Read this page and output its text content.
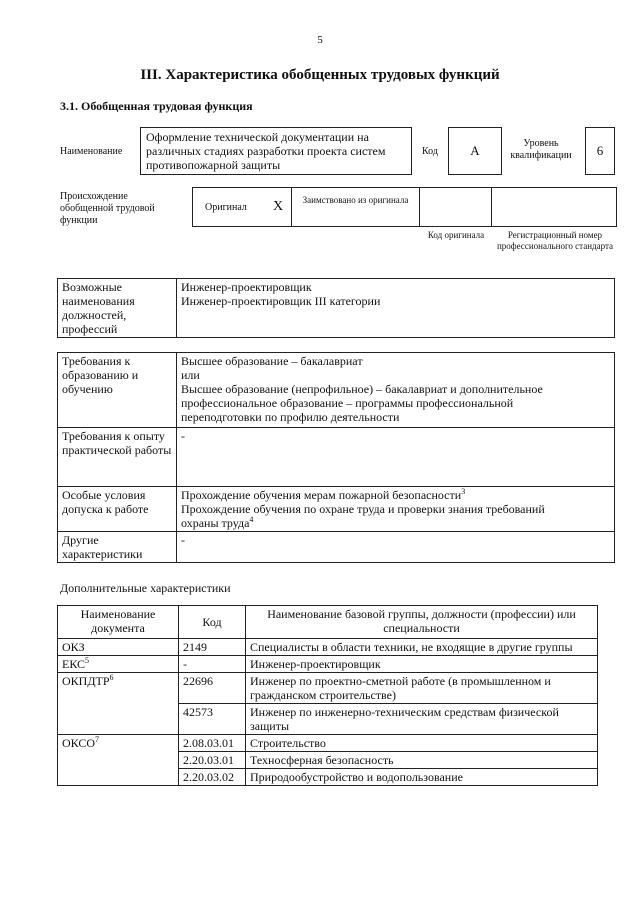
5
III. Характеристика обобщенных трудовых функций
3.1. Обобщенная трудовая функция
Наименование
Оформление технической документации на различных стадиях разработки проекта систем противопожарной защиты
Код А	Уровень квалификации 6
Происхождение обобщенной трудовой функции
Оригинал X	Заимствовано из оригинала
Код оригинала	Регистрационный номер профессионального стандарта
Возможные наименования должностей, профессий	
Инженер-проектировщик
Инженер-проектировщик III категории
Требования к образованию и обучению	Высшее образование – бакалавриат
или
Высшее образование (непрофильное) – бакалавриат и дополнительное
профессиональное образование – программы профессиональной
переподготовки по профилю деятельности

Требования к опыту практической работы	-
Особые условия допуска к работе	Прохождение обучения мерам пожарной безопасности$^3$
Прохождение обучения по охране труда и проверки знания требований
охраны труда$^4$

Другие характеристики	-
Дополнительные характеристики
Наименование документа	Код	Наименование базовой группы, должности (профессии) или специальности
ОКЗ	2149	Специалисты в области техники, не входящие в другие группы
ЕКС$^5$	-	Инженер-проектировщик
ОКПДТР$^6$	22696	Инженер по проектно-сметной работе (в промышленном и гражданском строительстве)
	42573	Инженер по инженерно-техническим средствам физической защиты
ОКСО$^7$	2.08.03.01	Строительство
	2.20.03.01	Техносферная безопасность
	2.20.03.02	Природообустройство и водопользование
